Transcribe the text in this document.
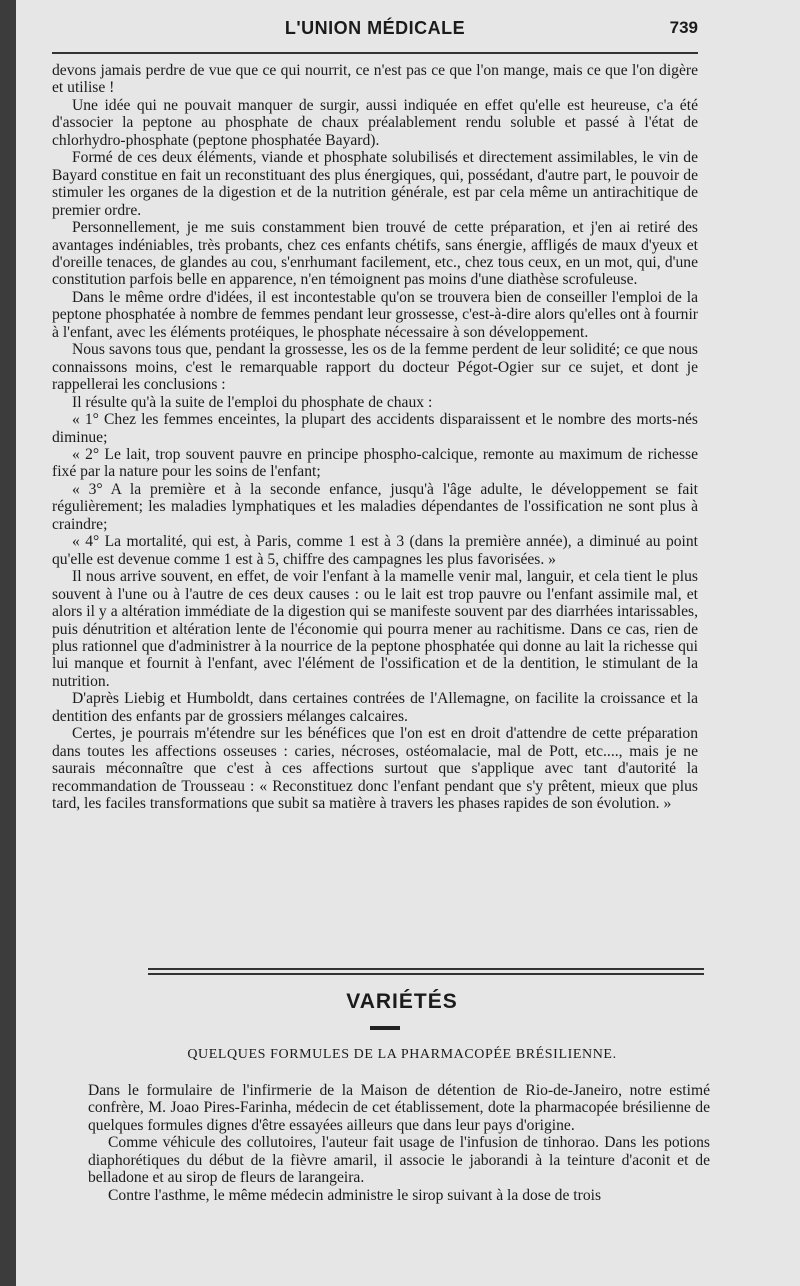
L'UNION MÉDICALE	739

devons jamais perdre de vue que ce qui nourrit, ce n'est pas ce que l'on mange, mais ce que l'on digère et utilise !

Une idée qui ne pouvait manquer de surgir, aussi indiquée en effet qu'elle est heureuse, c'a été d'associer la peptone au phosphate de chaux préalablement rendu soluble et passé à l'état de chlorhydro-phosphate (peptone phosphatée Bayard).

Formé de ces deux éléments, viande et phosphate solubilisés et directement assimilables, le vin de Bayard constitue en fait un reconstituant des plus énergiques, qui, possédant, d'autre part, le pouvoir de stimuler les organes de la digestion et de la nutrition générale, est par cela même un antirachitique de premier ordre.

Personnellement, je me suis constamment bien trouvé de cette préparation, et j'en ai retiré des avantages indéniables, très probants, chez ces enfants chétifs, sans énergie, affligés de maux d'yeux et d'oreille tenaces, de glandes au cou, s'enrhumant facilement, etc., chez tous ceux, en un mot, qui, d'une constitution parfois belle en apparence, n'en témoignent pas moins d'une diathèse scrofuleuse.

Dans le même ordre d'idées, il est incontestable qu'on se trouvera bien de conseiller l'emploi de la peptone phosphatée à nombre de femmes pendant leur grossesse, c'est-à-dire alors qu'elles ont à fournir à l'enfant, avec les éléments protéiques, le phosphate nécessaire à son développement.

Nous savons tous que, pendant la grossesse, les os de la femme perdent de leur solidité; ce que nous connaissons moins, c'est le remarquable rapport du docteur Pégot-Ogier sur ce sujet, et dont je rappellerai les conclusions :

Il résulte qu'à la suite de l'emploi du phosphate de chaux :

« 1° Chez les femmes enceintes, la plupart des accidents disparaissent et le nombre des morts-nés diminue;

« 2° Le lait, trop souvent pauvre en principe phospho-calcique, remonte au maximum de richesse fixé par la nature pour les soins de l'enfant;

« 3° A la première et à la seconde enfance, jusqu'à l'âge adulte, le développement se fait régulièrement; les maladies lymphatiques et les maladies dépendantes de l'ossification ne sont plus à craindre;

« 4° La mortalité, qui est, à Paris, comme 1 est à 3 (dans la première année), a diminué au point qu'elle est devenue comme 1 est à 5, chiffre des campagnes les plus favorisées. »

Il nous arrive souvent, en effet, de voir l'enfant à la mamelle venir mal, languir, et cela tient le plus souvent à l'une ou à l'autre de ces deux causes : ou le lait est trop pauvre ou l'enfant assimile mal, et alors il y a altération immédiate de la digestion qui se manifeste souvent par des diarrhées intarissables, puis dénutrition et altération lente de l'économie qui pourra mener au rachitisme. Dans ce cas, rien de plus rationnel que d'administrer à la nourrice de la peptone phosphatée qui donne au lait la richesse qui lui manque et fournit à l'enfant, avec l'élément de l'ossification et de la dentition, le stimulant de la nutrition.

D'après Liebig et Humboldt, dans certaines contrées de l'Allemagne, on facilite la croissance et la dentition des enfants par de grossiers mélanges calcaires.

Certes, je pourrais m'étendre sur les bénéfices que l'on est en droit d'attendre de cette préparation dans toutes les affections osseuses : caries, nécroses, ostéomalacie, mal de Pott, etc...., mais je ne saurais méconnaître que c'est à ces affections surtout que s'applique avec tant d'autorité la recommandation de Trousseau : « Reconstituez donc l'enfant pendant que s'y prêtent, mieux que plus tard, les faciles transformations que subit sa matière à travers les phases rapides de son évolution. »

VARIÉTÉS
QUELQUES FORMULES DE LA PHARMACOPÉE BRÉSILIENNE.

Dans le formulaire de l'infirmerie de la Maison de détention de Rio-de-Janeiro, notre estimé confrère, M. Joao Pires-Farinha, médecin de cet établissement, dote la pharmacopée brésilienne de quelques formules dignes d'être essayées ailleurs que dans leur pays d'origine.

Comme véhicule des collutoires, l'auteur fait usage de l'infusion de tinhorao. Dans les potions diaphorétiques du début de la fièvre amaril, il associe le jaborandi à la teinture d'aconit et de belladone et au sirop de fleurs de larangeira.

Contre l'asthme, le même médecin administre le sirop suivant à la dose de trois
